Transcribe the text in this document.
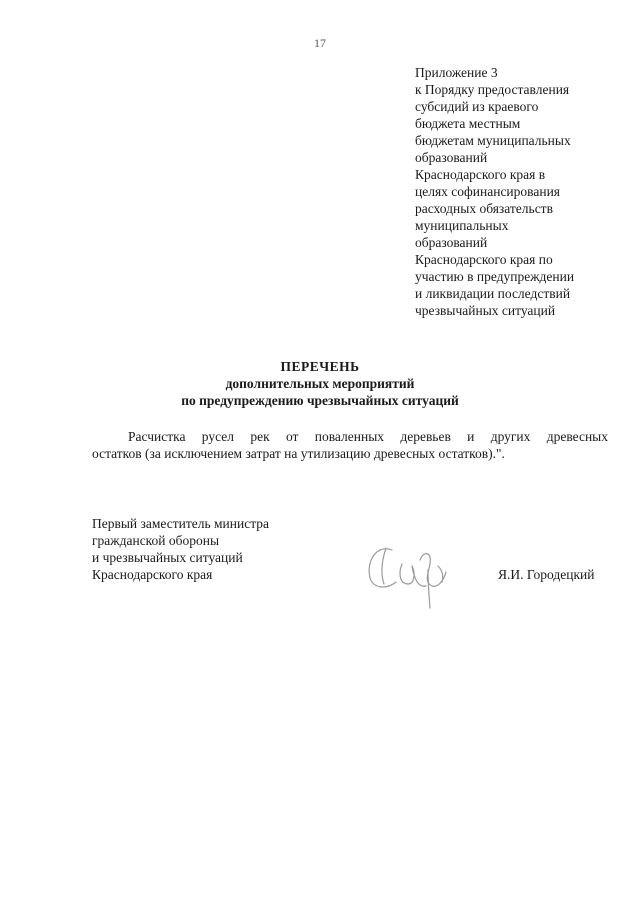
17
Приложение 3
к Порядку предоставления
субсидий из краевого
бюджета местным
бюджетам муниципальных
образований
Краснодарского края в
целях софинансирования
расходных обязательств
муниципальных
образований
Краснодарского края по
участию в предупреждении
и ликвидации последствий
чрезвычайных ситуаций
ПЕРЕЧЕНЬ
дополнительных мероприятий
по предупреждению чрезвычайных ситуаций
Расчистка русел рек от поваленных деревьев и других древесных
остатков (за исключением затрат на утилизацию древесных остатков).".
Первый заместитель министра
гражданской обороны
и чрезвычайных ситуаций
Краснодарского края	Я.И. Городецкий
